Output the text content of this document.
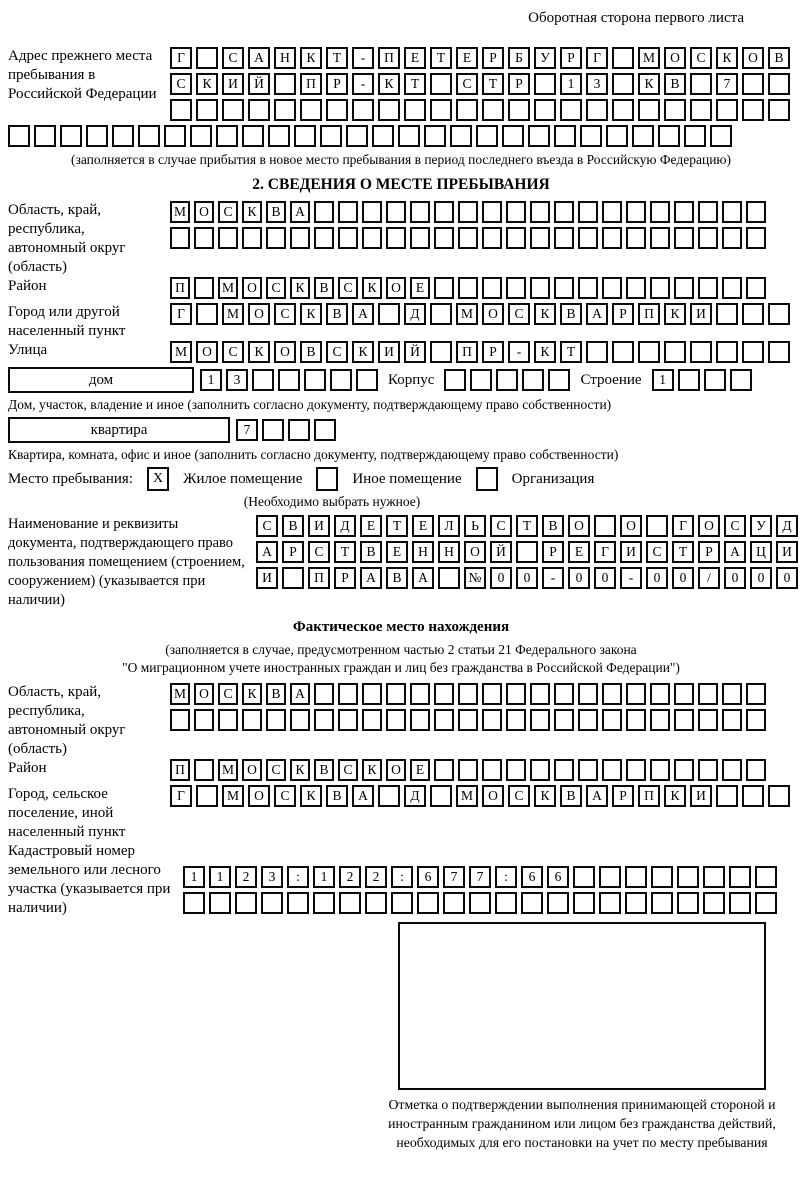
Оборотная сторона первого листа
Адрес прежнего места пребывания в Российской Федерации
Г	С	А	Н	К	Т	-	П	Е	Т	Е	Р	Б	У	Р	Г	М	О	С	К	О	В
С	К	И	Й	П	Р	-	К	Т	С	Т	Р	1	3	К	В	7
(заполняется в случае прибытия в новое место пребывания в период последнего въезда в Российскую Федерацию)
2. СВЕДЕНИЯ О МЕСТЕ ПРЕБЫВАНИЯ
Область, край, республика, автономный округ (область)
М О	С	К	В	А
Район	П	М О	С	К	В	С	К	О	Е
Город или другой населенный пункт
Г	М	О	С	К	В	А	Д	М	О	С	К	В	А	Р	П	К	И
Улица	М	О	С	К	О	В	С	К	И	Й	П	Р	-	К	Т
дом	1	3	Корпус	Строение	1
Дом, участок, владение и иное (заполнить согласно документу, подтверждающему право собственности)
квартира	7
Квартира, комната, офис и иное (заполнить согласно документу, подтверждающему право собственности)
Место пребывания:	X	Жилое помещение	Иное помещение	Организация
(Необходимо выбрать нужное)
Наименование и реквизиты документа, подтверждающего право пользования помещением (строением, сооружением) (указывается при наличии)
С	В	И	Д	Е	Т	Е	Л	Ь	С	Т	В	О	О	Г	О	С	У	Д
А	Р	С	Т	В	Е	Н	Н	О	Й	Р	Е	Г	И	С	Т	Р	А	Ц	И
И	П	Р	А	В	А	№	0	0	-	0	0	-	0	0	/	0	0	0
Фактическое место нахождения
(заполняется в случае, предусмотренном частью 2 статьи 21 Федерального закона
"О миграционном учете иностранных граждан и лиц без гражданства в Российской Федерации")
Область, край, республика, автономный округ (область)
М О	С	К	В	А
Район	П	М О	С	К	В	С	К	О	Е
Город, сельское поселение, иной населенный пункт
Г	М	О	С	К	В	А	Д	М	О	С	К	В	А	Р	П	К	И
Кадастровый номер земельного или лесного участка (указывается при наличии)
1	1	2	3	:	1	2	2	:	6	7	7	:	6	6
Отметка о подтверждении выполнения принимающей стороной и иностранным гражданином или лицом без гражданства действий, необходимых для его постановки на учет по месту пребывания
